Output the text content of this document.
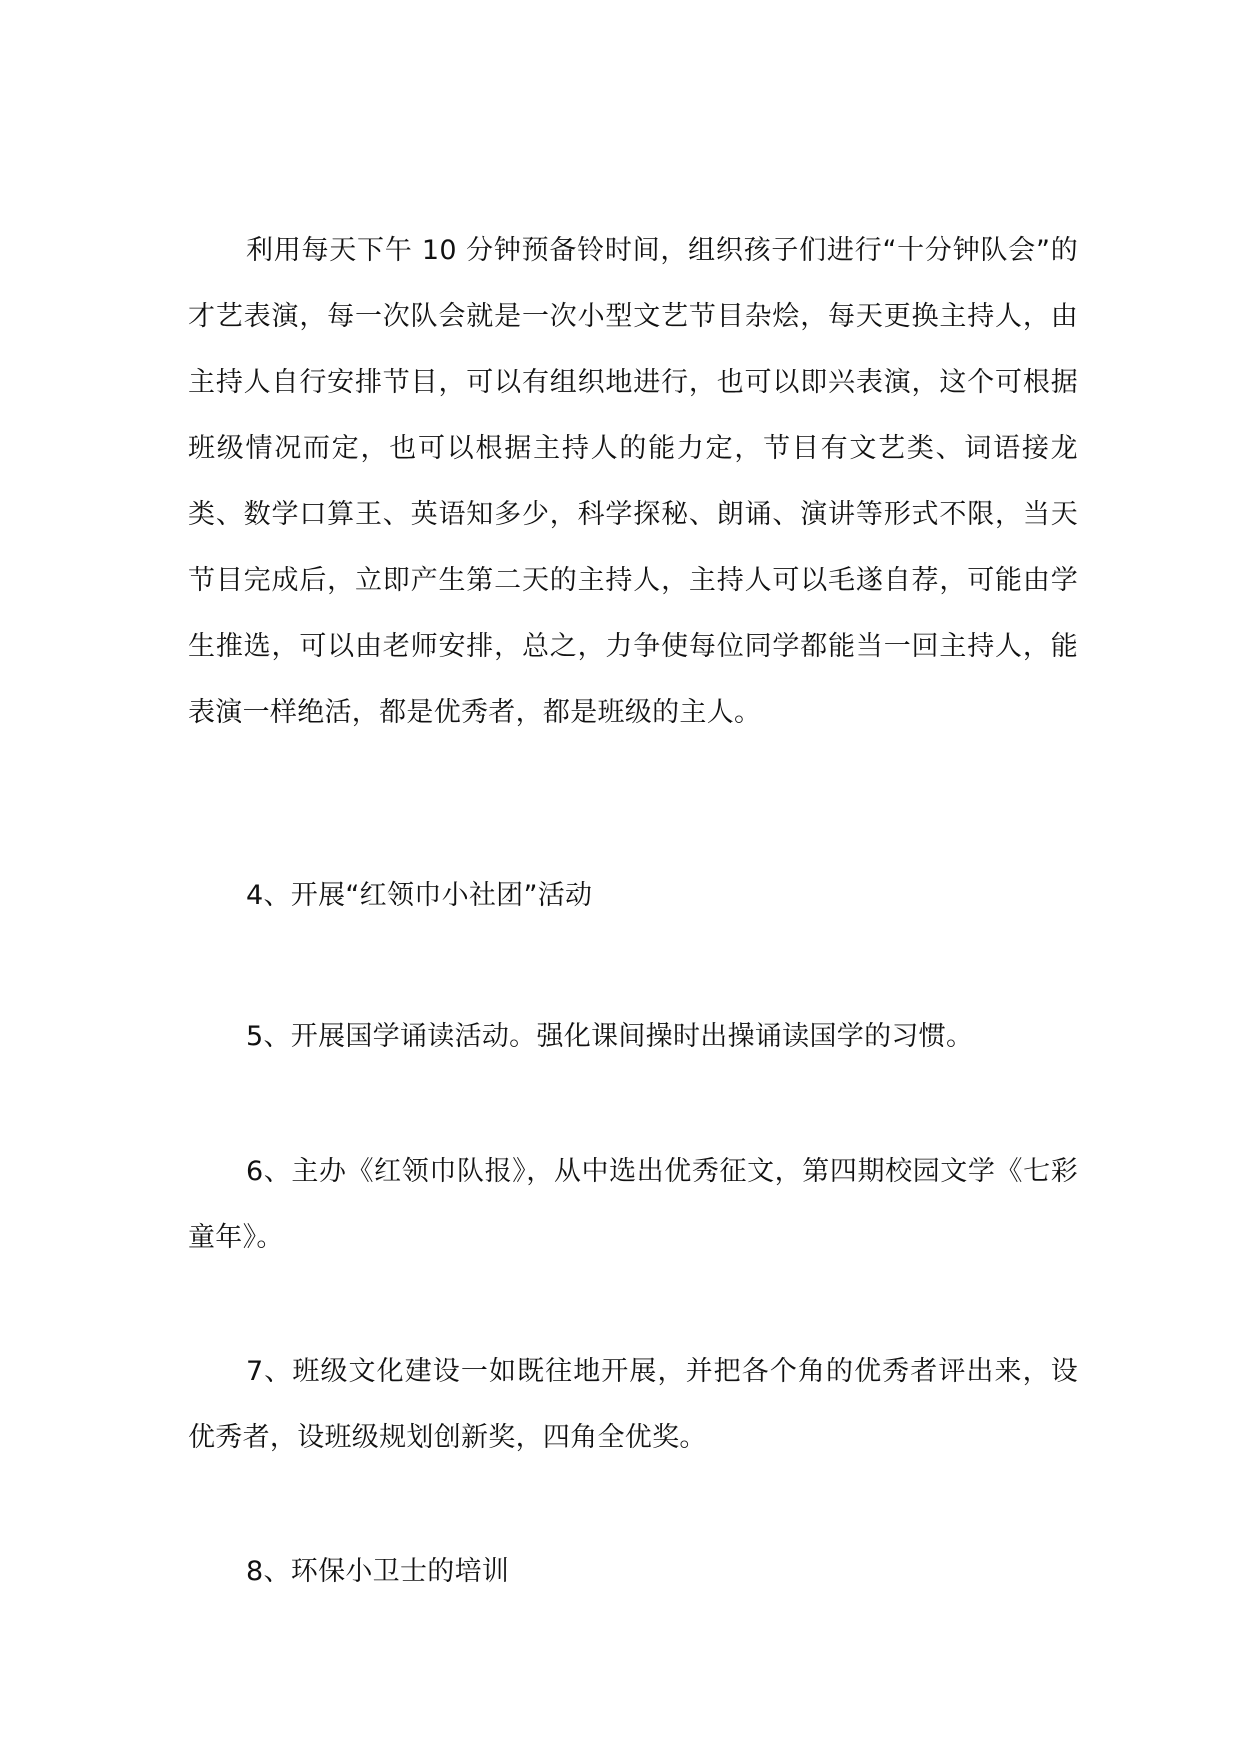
利用每天下午 10 分钟预备铃时间，组织孩子们进行“十分钟队会”的才艺表演，每一次队会就是一次小型文艺节目杂烩，每天更换主持人，由主持人自行安排节目，可以有组织地进行，也可以即兴表演，这个可根据班级情况而定，也可以根据主持人的能力定，节目有文艺类、词语接龙类、数学口算王、英语知多少，科学探秘、朗诵、演讲等形式不限，当天节目完成后，立即产生第二天的主持人，主持人可以毛遂自荐，可能由学生推选，可以由老师安排，总之，力争使每位同学都能当一回主持人，能表演一样绝活，都是优秀者，都是班级的主人。

4、开展“红领巾小社团”活动

5、开展国学诵读活动。强化课间操时出操诵读国学的习惯。

6、主办《红领巾队报》，从中选出优秀征文，第四期校园文学《七彩童年》。

7、班级文化建设一如既往地开展，并把各个角的优秀者评出来，设优秀者，设班级规划创新奖，四角全优奖。

8、环保小卫士的培训
